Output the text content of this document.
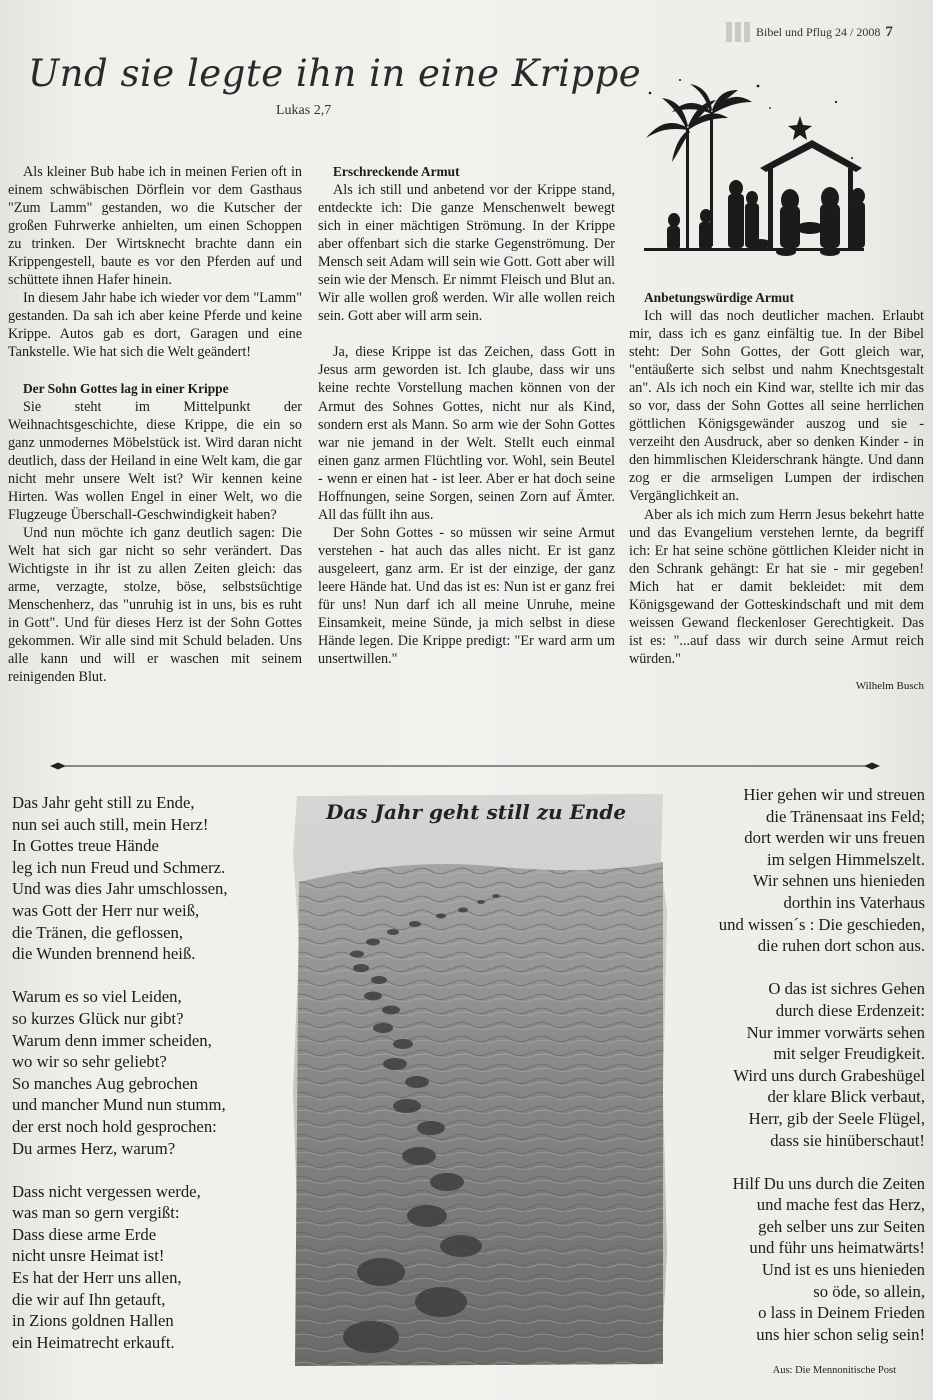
Bibel und Pflug 24 / 2008 7
Und sie legte ihn in eine Krippe
Lukas 2,7

Als kleiner Bub habe ich in meinen Ferien oft in einem schwäbischen Dörflein vor dem Gasthaus "Zum Lamm" gestanden, wo die Kutscher der großen Fuhrwerke anhielten, um einen Schoppen zu trinken. Der Wirtsknecht brachte dann ein Krippengestell, baute es vor den Pferden auf und schüttete ihnen Hafer hinein.

In diesem Jahr habe ich wieder vor dem "Lamm" gestanden. Da sah ich aber keine Pferde und keine Krippe. Autos gab es dort, Garagen und eine Tankstelle. Wie hat sich die Welt geändert!

Der Sohn Gottes lag in einer Krippe

Sie steht im Mittelpunkt der Weihnachtsgeschichte, diese Krippe, die ein so ganz unmodernes Möbelstück ist. Wird daran nicht deutlich, dass der Heiland in eine Welt kam, die gar nicht mehr unsere Welt ist? Wir kennen keine Hirten. Was wollen Engel in einer Welt, wo die Flugzeuge Überschall-Geschwindigkeit haben?

Und nun möchte ich ganz deutlich sagen: Die Welt hat sich gar nicht so sehr verändert. Das Wichtigste in ihr ist zu allen Zeiten gleich: das arme, verzagte, stolze, böse, selbstsüchtige Menschenherz, das "unruhig ist in uns, bis es ruht in Gott". Und für dieses Herz ist der Sohn Gottes gekommen. Wir alle sind mit Schuld beladen. Uns alle kann und will er waschen mit seinem reinigenden Blut.

Erschreckende Armut

Als ich still und anbetend vor der Krippe stand, entdeckte ich: Die ganze Menschenwelt bewegt sich in einer mächtigen Strömung. In der Krippe aber offenbart sich die starke Gegenströmung. Der Mensch seit Adam will sein wie Gott. Gott aber will sein wie der Mensch. Er nimmt Fleisch und Blut an. Wir alle wollen groß werden. Wir alle wollen reich sein. Gott aber will arm sein.

Ja, diese Krippe ist das Zeichen, dass Gott in Jesus arm geworden ist. Ich glaube, dass wir uns keine rechte Vorstellung machen können von der Armut des Sohnes Gottes, nicht nur als Kind, sondern erst als Mann. So arm wie der Sohn Gottes war nie jemand in der Welt. Stellt euch einmal einen ganz armen Flüchtling vor. Wohl, sein Beutel - wenn er einen hat - ist leer. Aber er hat doch seine Hoffnungen, seine Sorgen, seinen Zorn auf Ämter. All das füllt ihn aus.

Der Sohn Gottes - so müssen wir seine Armut verstehen - hat auch das alles nicht. Er ist ganz ausgeleert, ganz arm. Er ist der einzige, der ganz leere Hände hat. Und das ist es: Nun ist er ganz frei für uns! Nun darf ich all meine Unruhe, meine Einsamkeit, meine Sünde, ja mich selbst in diese Hände legen. Die Krippe predigt: "Er ward arm um unsertwillen."

Anbetungswürdige Armut

Ich will das noch deutlicher machen. Erlaubt mir, dass ich es ganz einfältig tue. In der Bibel steht: Der Sohn Gottes, der Gott gleich war, "entäußerte sich selbst und nahm Knechtsgestalt an". Als ich noch ein Kind war, stellte ich mir das so vor, dass der Sohn Gottes all seine herrlichen göttlichen Königsgewänder auszog und sie - verzeiht den Ausdruck, aber so denken Kinder - in den himmlischen Kleiderschrank hängte. Und dann zog er die armseligen Lumpen der irdischen Vergänglichkeit an.

Aber als ich mich zum Herrn Jesus bekehrt hatte und das Evangelium verstehen lernte, da begriff ich: Er hat seine schöne göttlichen Kleider nicht in den Schrank gehängt: Er hat sie - mir gegeben! Mich hat er damit bekleidet: mit dem Königsgewand der Gotteskindschaft und mit dem weissen Gewand fleckenloser Gerechtigkeit. Das ist es: "...auf dass wir durch seine Armut reich würden."

Wilhelm Busch
Das Jahr geht still zu Ende
Das Jahr geht still zu Ende,
nun sei auch still, mein Herz!
In Gottes treue Hände
leg ich nun Freud und Schmerz.
Und was dies Jahr umschlossen,
was Gott der Herr nur weiß,
die Tränen, die geflossen,
die Wunden brennend heiß.
Warum es so viel Leiden,
so kurzes Glück nur gibt?
Warum denn immer scheiden,
wo wir so sehr geliebt?
So manches Aug gebrochen
und mancher Mund nun stumm,
der erst noch hold gesprochen:
Du armes Herz, warum?
Dass nicht vergessen werde,
was man so gern vergißt:
Dass diese arme Erde
nicht unsre Heimat ist!
Es hat der Herr uns allen,
die wir auf Ihn getauft,
in Zions goldnen Hallen
ein Heimatrecht erkauft.
Hier gehen wir und streuen
die Tränensaat ins Feld;
dort werden wir uns freuen
im selgen Himmelszelt.
Wir sehnen uns hienieden
dorthin ins Vaterhaus
und wissen´s : Die geschieden,
die ruhen dort schon aus.
O das ist sichres Gehen
durch diese Erdenzeit:
Nur immer vorwärts sehen
mit selger Freudigkeit.
Wird uns durch Grabeshügel
der klare Blick verbaut,
Herr, gib der Seele Flügel,
dass sie hinüberschaut!
Hilf Du uns durch die Zeiten
und mache fest das Herz,
geh selber uns zur Seiten
und führ uns heimatwärts!
Und ist es uns hienieden
so öde, so allein,
o lass in Deinem Frieden
uns hier schon selig sein!
Aus: Die Mennonitische Post
